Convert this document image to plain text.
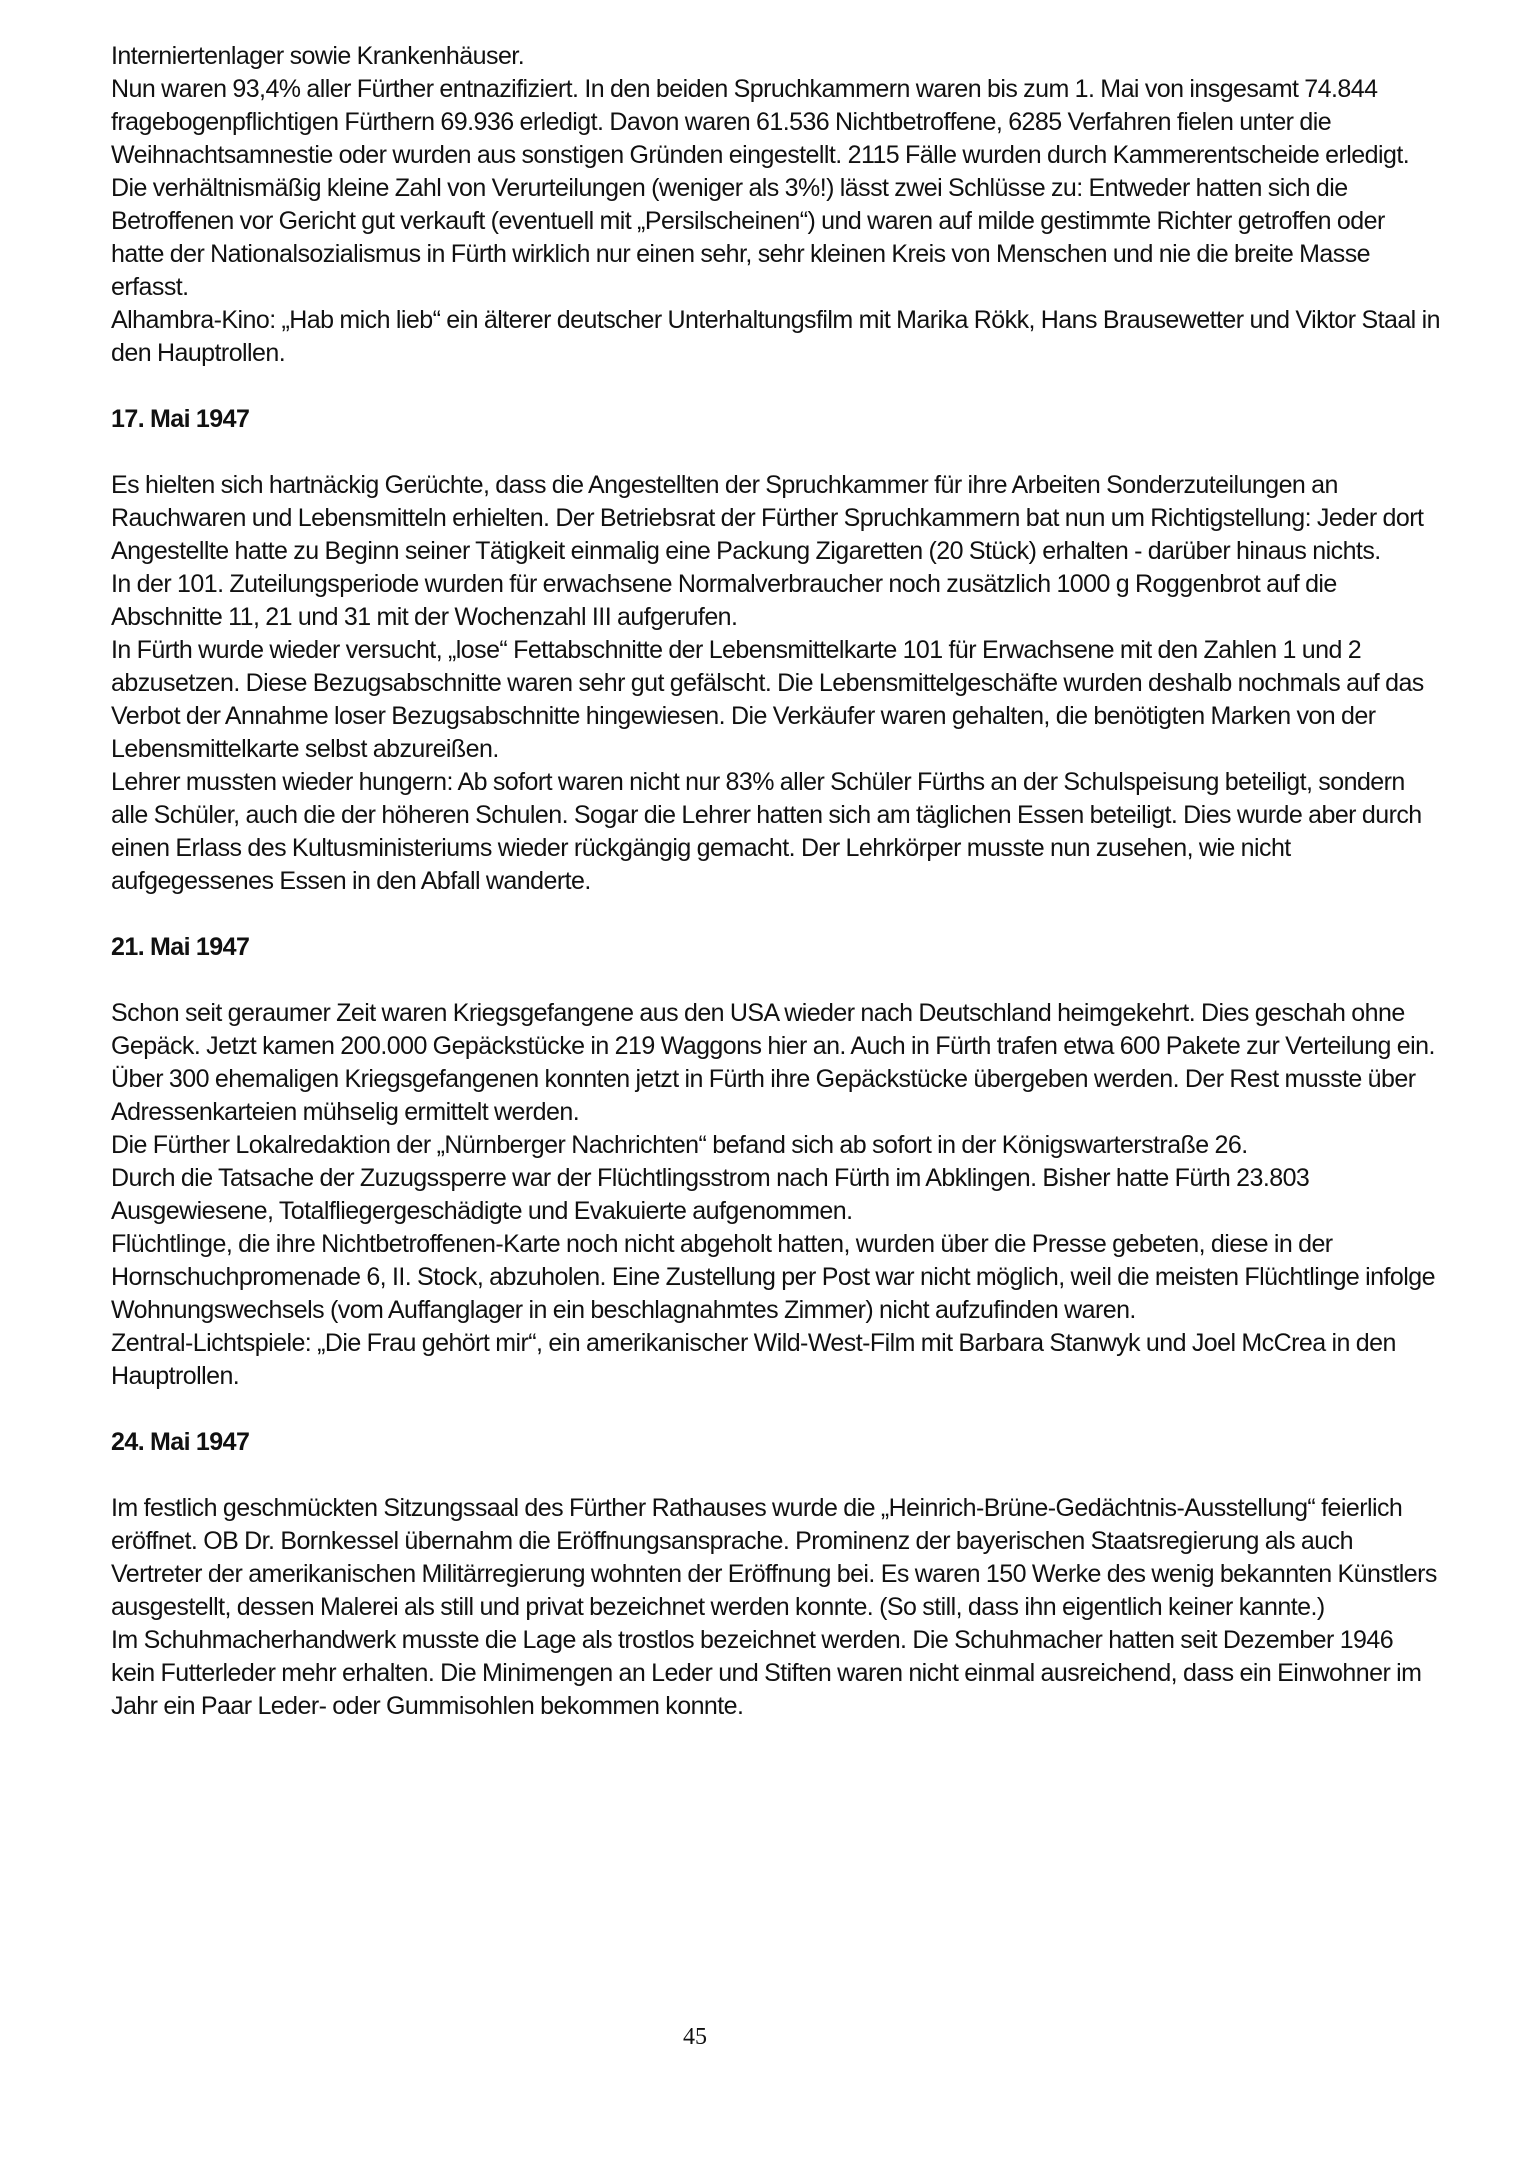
Interniertenlager sowie Krankenhäuser.

Nun waren 93,4% aller Fürther entnazifiziert. In den beiden Spruchkammern waren bis zum 1. Mai von insgesamt 74.844 fragebogenpflichtigen Fürthern 69.936 erledigt. Davon waren 61.536 Nichtbetroffene, 6285 Verfahren fielen unter die Weihnachtsamnestie oder wurden aus sonstigen Gründen eingestellt. 2115 Fälle wurden durch Kammerentscheide erledigt. Die verhältnismäßig kleine Zahl von Verurteilungen (weniger als 3%!) lässt zwei Schlüsse zu: Entweder hatten sich die Betroffenen vor Gericht gut verkauft (eventuell mit „Persilscheinen“) und waren auf milde gestimmte Richter getroffen oder hatte der Nationalsozialismus in Fürth wirklich nur einen sehr, sehr kleinen Kreis von Menschen und nie die breite Masse erfasst.

Alhambra-Kino: „Hab mich lieb“ ein älterer deutscher Unterhaltungsfilm mit Marika Rökk, Hans Brausewetter und Viktor Staal in den Hauptrollen.

17. Mai 1947

Es hielten sich hartnäckig Gerüchte, dass die Angestellten der Spruchkammer für ihre Arbeiten Sonderzuteilungen an Rauchwaren und Lebensmitteln erhielten. Der Betriebsrat der Fürther Spruchkammern bat nun um Richtigstellung: Jeder dort Angestellte hatte zu Beginn seiner Tätigkeit einmalig eine Packung Zigaretten (20 Stück) erhalten - darüber hinaus nichts.

In der 101. Zuteilungsperiode wurden für erwachsene Normalverbraucher noch zusätzlich 1000 g Roggenbrot auf die Abschnitte 11, 21 und 31 mit der Wochenzahl III aufgerufen.

In Fürth wurde wieder versucht, „lose“ Fettabschnitte der Lebensmittelkarte 101 für Erwachsene mit den Zahlen 1 und 2 abzusetzen. Diese Bezugsabschnitte waren sehr gut gefälscht. Die Lebensmittelgeschäfte wurden deshalb nochmals auf das Verbot der Annahme loser Bezugsabschnitte hingewiesen. Die Verkäufer waren gehalten, die benötigten Marken von der Lebensmittelkarte selbst abzureißen.

Lehrer mussten wieder hungern: Ab sofort waren nicht nur 83% aller Schüler Fürths an der Schulspeisung beteiligt, sondern alle Schüler, auch die der höheren Schulen. Sogar die Lehrer hatten sich am täglichen Essen beteiligt. Dies wurde aber durch einen Erlass des Kultusministeriums wieder rückgängig gemacht. Der Lehrkörper musste nun zusehen, wie nicht aufgegessenes Essen in den Abfall wanderte.

21. Mai 1947

Schon seit geraumer Zeit waren Kriegsgefangene aus den USA wieder nach Deutschland heimgekehrt. Dies geschah ohne Gepäck. Jetzt kamen 200.000 Gepäckstücke in 219 Waggons hier an. Auch in Fürth trafen etwa 600 Pakete zur Verteilung ein. Über 300 ehemaligen Kriegsgefangenen konnten jetzt in Fürth ihre Gepäckstücke übergeben werden. Der Rest musste über Adressenkarteien mühselig ermittelt werden.

Die Fürther Lokalredaktion der „Nürnberger Nachrichten“ befand sich ab sofort in der Königswarterstraße 26.

Durch die Tatsache der Zuzugssperre war der Flüchtlingsstrom nach Fürth im Abklingen. Bisher hatte Fürth 23.803 Ausgewiesene, Totalfliegergeschädigte und Evakuierte aufgenommen.

Flüchtlinge, die ihre Nichtbetroffenen-Karte noch nicht abgeholt hatten, wurden über die Presse gebeten, diese in der Hornschuchpromenade 6, II. Stock, abzuholen. Eine Zustellung per Post war nicht möglich, weil die meisten Flüchtlinge infolge Wohnungswechsels (vom Auffanglager in ein beschlagnahmtes Zimmer) nicht aufzufinden waren.

Zentral-Lichtspiele: „Die Frau gehört mir“, ein amerikanischer Wild-West-Film mit Barbara Stanwyk und Joel McCrea in den Hauptrollen.

24. Mai 1947

Im festlich geschmückten Sitzungssaal des Fürther Rathauses wurde die „Heinrich-Brüne-Gedächtnis-Ausstellung“ feierlich eröffnet. OB Dr. Bornkessel übernahm die Eröffnungsansprache. Prominenz der bayerischen Staatsregierung als auch Vertreter der amerikanischen Militärregierung wohnten der Eröffnung bei. Es waren 150 Werke des wenig bekannten Künstlers ausgestellt, dessen Malerei als still und privat bezeichnet werden konnte. (So still, dass ihn eigentlich keiner kannte.)

Im Schuhmacherhandwerk musste die Lage als trostlos bezeichnet werden. Die Schuhmacher hatten seit Dezember 1946 kein Futterleder mehr erhalten. Die Minimengen an Leder und Stiften waren nicht einmal ausreichend, dass ein Einwohner im Jahr ein Paar Leder- oder Gummisohlen bekommen konnte.

45
